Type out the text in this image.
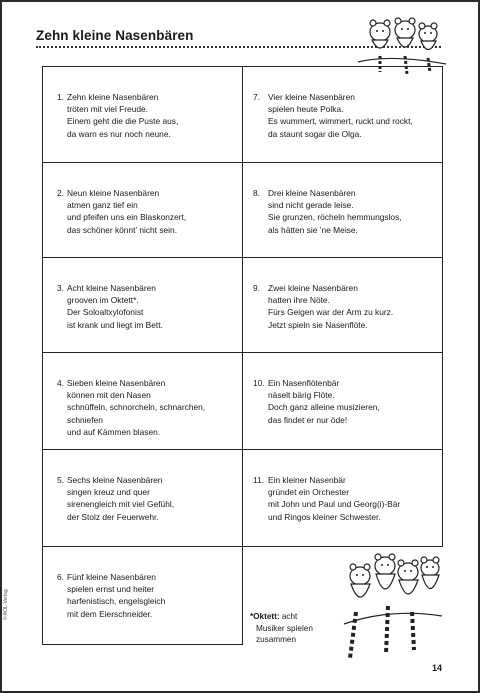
Zehn kleine Nasenbären
1. Zehn kleine Nasenbären
tröten mit viel Freude.
Einem geht die die Puste aus,
da warn es nur noch neune.
7. Vier kleine Nasenbären
spielen heute Polka.
Es wummert, wimmert, ruckt und rockt,
da staunt sogar die Olga.
2. Neun kleine Nasenbären
atmen ganz tief ein
und pfeifen uns ein Blaskonzert,
das schöner könnt’ nicht sein.
8. Drei kleine Nasenbären
sind nicht gerade leise.
Sie grunzen, röcheln hemmungslos,
als hätten sie ’ne Meise.
3. Acht kleine Nasenbären
grooven im Oktett*.
Der Soloaltxylofonist
ist krank und liegt im Bett.
9. Zwei kleine Nasenbären
hatten ihre Nöte.
Fürs Geigen war der Arm zu kurz.
Jetzt spieln sie Nasenflöte.
4. Sieben kleine Nasenbären
können mit den Nasen
schnüffeln, schnorcheln, schnarchen,
schniefen
und auf Kämmen blasen.
10. Ein Nasenflötenbär
näselt bärig Flöte.
Doch ganz alleine musizieren,
das findet er nur öde!
5. Sechs kleine Nasenbären
singen kreuz und quer
sirenengleich mit viel Gefühl,
der Stolz der Feuerwehr.
11. Ein kleiner Nasenbär
gründet ein Orchester
mit John und Paul und Georg(i)-Bär
und Ringos kleiner Schwester.
6. Fünf kleine Nasenbären
spielen ernst und heiter
harfenistisch, engelsgleich
mit dem Eierschneider.	*Oktett: acht
Musiker spielen zusammen
© AOL-Verlag
14
